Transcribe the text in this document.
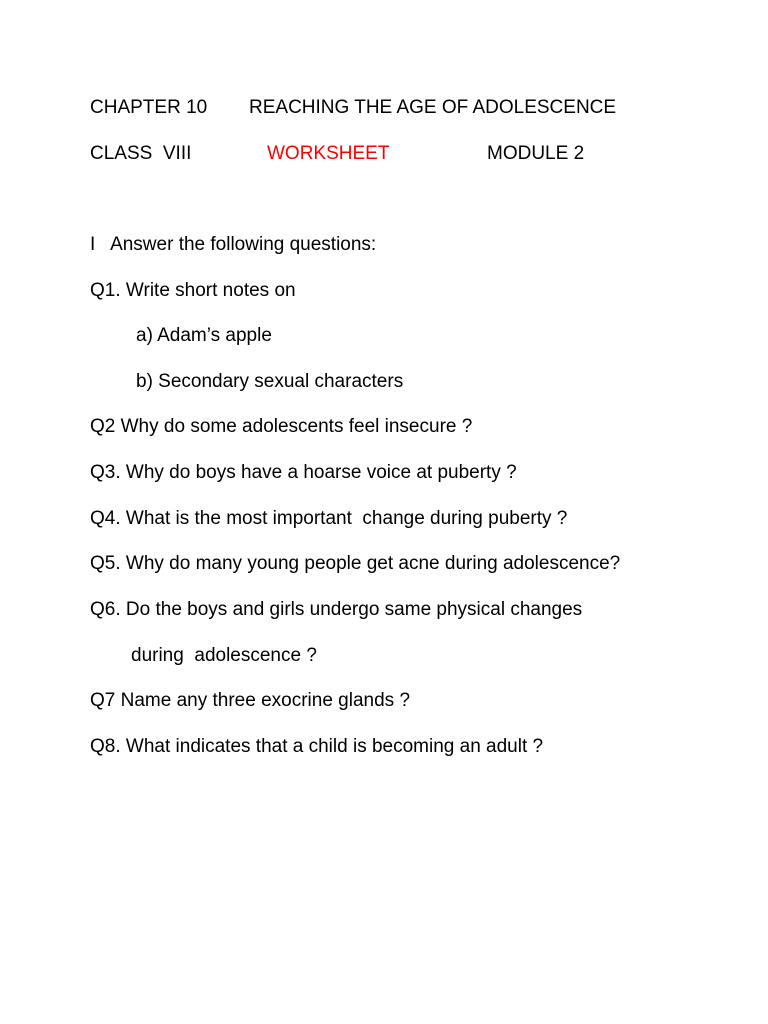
CHAPTER 10 REACHING THE AGE OF ADOLESCENCE
CLASS  VIII	WORKSHEET	MODULE 2
I   Answer the following questions:
Q1. Write short notes on
a) Adam’s apple
b) Secondary sexual characters
Q2 Why do some adolescents feel insecure ?
Q3. Why do boys have a hoarse voice at puberty ?
Q4. What is the most important  change during puberty ?
Q5. Why do many young people get acne during adolescence?
Q6. Do the boys and girls undergo same physical changes
during  adolescence ?
Q7 Name any three exocrine glands ?
Q8. What indicates that a child is becoming an adult ?
